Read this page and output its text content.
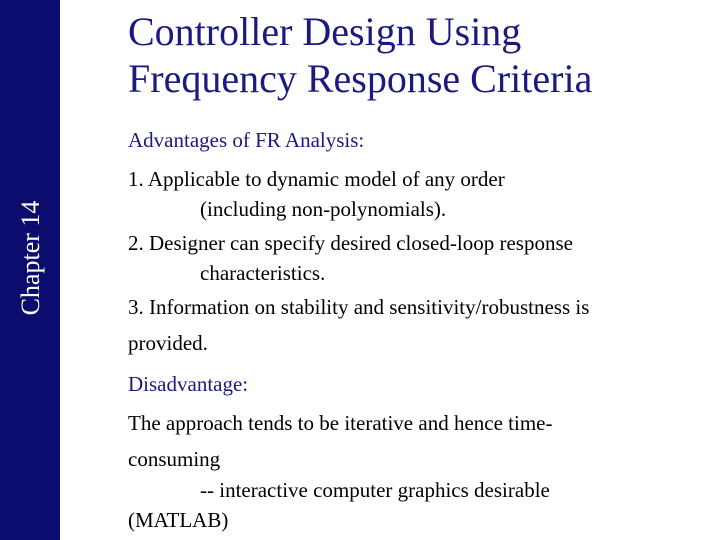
Chapter 14
Controller Design Using
Frequency Response Criteria
Advantages of FR Analysis:
1. Applicable to dynamic model of any order
(including non-polynomials).
2. Designer can specify desired closed-loop response
characteristics.
3. Information on stability and sensitivity/robustness is
provided.
Disadvantage:
The approach tends to be iterative and hence time-
consuming
-- interactive computer graphics desirable
(MATLAB)
